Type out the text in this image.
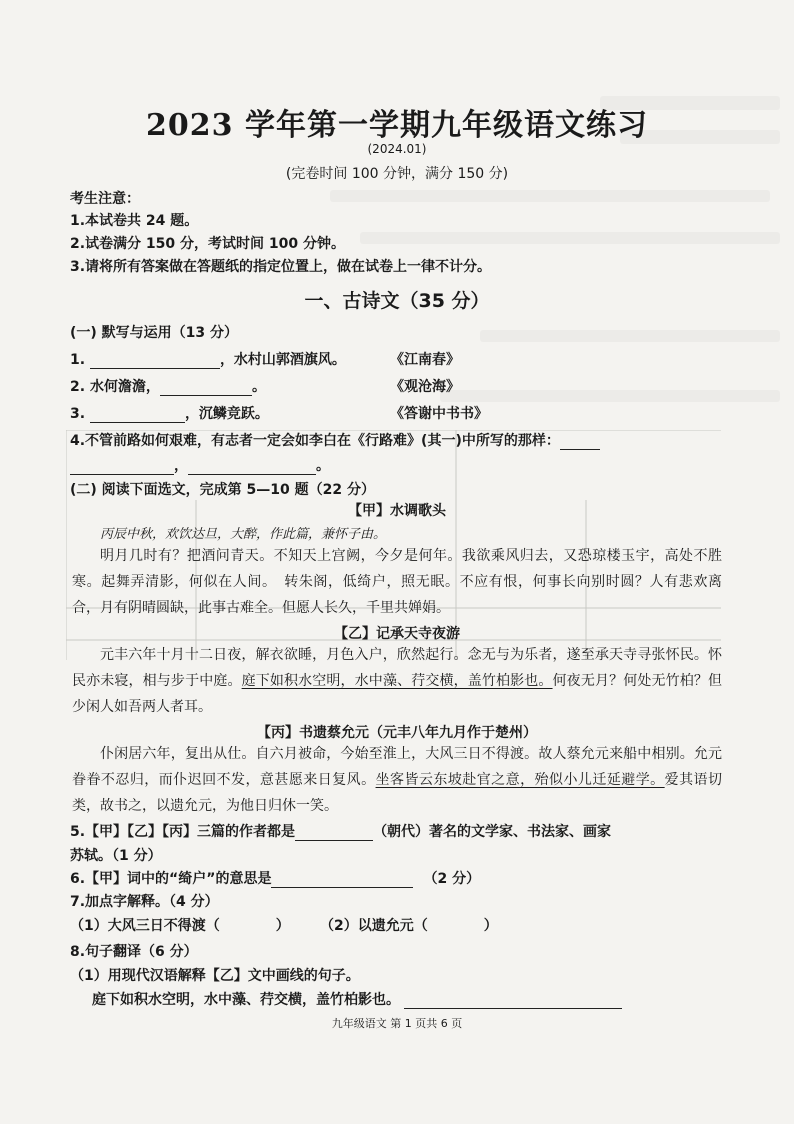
2023 学年第一学期九年级语文练习
(2024.01)
(完卷时间 100 分钟，满分 150 分)
考生注意：
1.本试卷共 24 题。
2.试卷满分 150 分，考试时间 100 分钟。
3.请将所有答案做在答题纸的指定位置上，做在试卷上一律不计分。
一、古诗文（35 分）
(一) 默写与运用（13 分）
1.	，水村山郭酒旗风。	《江南春》
2. 水何澹澹，	。	《观沧海》
3.	，沉鳞竞跃。	《答谢中书书》
4.不管前路如何艰难，有志者一定会如李白在《行路难》(其一)中所写的那样：
，	。
(二) 阅读下面选文，完成第 5—10 题（22 分）
【甲】水调歌头
丙辰中秋，欢饮达旦，大醉，作此篇，兼怀子由。
明月几时有？把酒问青天。不知天上宫阙，今夕是何年。我欲乘风归去，又恐琼楼玉宇，高处不胜寒。起舞弄清影，何似在人间。　转朱阁，低绮户，照无眠。不应有恨，何事长向别时圆？人有悲欢离合，月有阴晴圆缺，此事古难全。但愿人长久，千里共婵娟。
【乙】记承天寺夜游
元丰六年十月十二日夜，解衣欲睡，月色入户，欣然起行。念无与为乐者，遂至承天寺寻张怀民。怀民亦未寝，相与步于中庭。庭下如积水空明，水中藻、荇交横，盖竹柏影也。何夜无月？何处无竹柏？但少闲人如吾两人者耳。
【丙】书遗蔡允元（元丰八年九月作于楚州）
仆闲居六年，复出从仕。自六月被命，今始至淮上，大风三日不得渡。故人蔡允元来船中相别。允元眷眷不忍归，而仆迟回不发，意甚愿来日复风。坐客皆云东坡赴官之意，殆似小儿迁延避学。爱其语切类，故书之，以遗允元，为他日归休一笑。
5.【甲】【乙】【丙】三篇的作者都是	（朝代）著名的文学家、书法家、画家
苏轼。（1 分）
6.【甲】词中的“绮户”的意思是	（2 分）
7.加点字解释。（4 分）
（1）大风三日不得渡（	） （2）以遗允元（	）
8.句子翻译（6 分）
（1）用现代汉语解释【乙】文中画线的句子。
庭下如积水空明，水中藻、荇交横，盖竹柏影也。
九年级语文 第 1 页共 6 页
